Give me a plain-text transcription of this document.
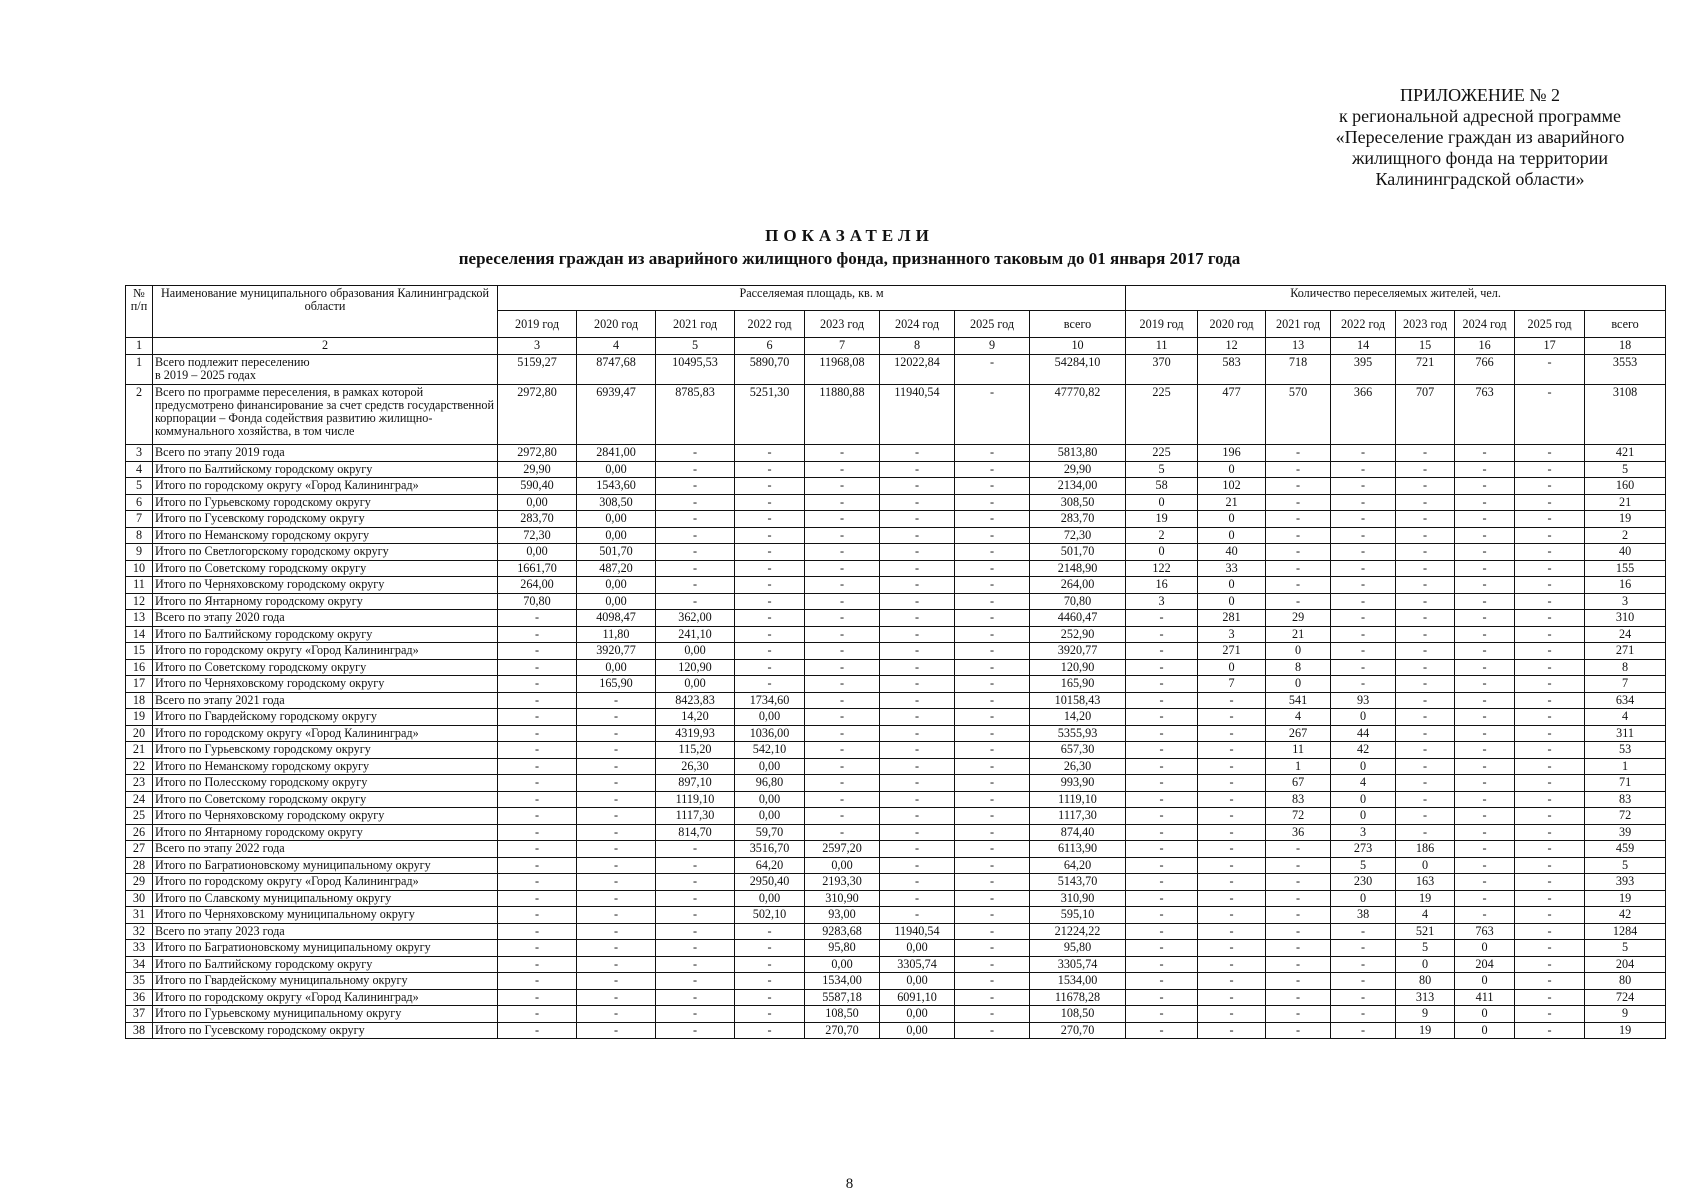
ПРИЛОЖЕНИЕ № 2
к региональной адресной программе
«Переселение граждан из аварийного
жилищного фонда на территории
Калининградской области»
ПОКАЗАТЕЛИ
переселения граждан из аварийного жилищного фонда, признанного таковым до 01 января 2017 года
№ п/п	Наименование муниципального образования Калининградской области	Расселяемая площадь, кв. м								Количество переселяемых жителей, чел.							
		2019 год	2020 год	2021 год	2022 год	2023 год	2024 год	2025 год	всего	2019 год	2020 год	2021 год	2022 год	2023 год	2024 год	2025 год	всего
1	2	3	4	5	6	7	8	9	10	11	12	13	14	15	16	17	18
1	Всего подлежит переселению
в 2019 – 2025 годах	5159,27	8747,68	10495,53	5890,70	11968,08	12022,84	-	54284,10	370	583	718	395	721	766	-	3553
2	Всего по программе переселения, в рамках которой предусмотрено финансирование за счет средств государственной корпорации – Фонда содействия развитию жилищно-коммунального хозяйства, в том числе	2972,80	6939,47	8785,83	5251,30	11880,88	11940,54	-	47770,82	225	477	570	366	707	763	-	3108
3	Всего по этапу 2019 года	2972,80	2841,00	-	-	-	-	-	5813,80	225	196	-	-	-	-	-	421
4	Итого по Балтийскому городскому округу	29,90	0,00	-	-	-	-	-	29,90	5	0	-	-	-	-	-	5
5	Итого по городскому округу «Город Калининград»	590,40	1543,60	-	-	-	-	-	2134,00	58	102	-	-	-	-	-	160
6	Итого по Гурьевскому городскому округу	0,00	308,50	-	-	-	-	-	308,50	0	21	-	-	-	-	-	21
7	Итого по Гусевскому городскому округу	283,70	0,00	-	-	-	-	-	283,70	19	0	-	-	-	-	-	19
8	Итого по Неманскому городскому округу	72,30	0,00	-	-	-	-	-	72,30	2	0	-	-	-	-	-	2
9	Итого по Светлогорскому городскому округу	0,00	501,70	-	-	-	-	-	501,70	0	40	-	-	-	-	-	40
10	Итого по Советскому городскому округу	1661,70	487,20	-	-	-	-	-	2148,90	122	33	-	-	-	-	-	155
11	Итого по Черняховскому городскому округу	264,00	0,00	-	-	-	-	-	264,00	16	0	-	-	-	-	-	16
12	Итого по Янтарному городскому округу	70,80	0,00	-	-	-	-	-	70,80	3	0	-	-	-	-	-	3
13	Всего по этапу 2020 года	-	4098,47	362,00	-	-	-	-	4460,47	-	281	29	-	-	-	-	310
14	Итого по Балтийскому городскому округу	-	11,80	241,10	-	-	-	-	252,90	-	3	21	-	-	-	-	24
15	Итого по городскому округу «Город Калининград»	-	3920,77	0,00	-	-	-	-	3920,77	-	271	0	-	-	-	-	271
16	Итого по Советскому городскому округу	-	0,00	120,90	-	-	-	-	120,90	-	0	8	-	-	-	-	8
17	Итого по Черняховскому городскому округу	-	165,90	0,00	-	-	-	-	165,90	-	7	0	-	-	-	-	7
18	Всего по этапу 2021 года	-	-	8423,83	1734,60	-	-	-	10158,43	-	-	541	93	-	-	-	634
19	Итого по Гвардейскому городскому округу	-	-	14,20	0,00	-	-	-	14,20	-	-	4	0	-	-	-	4
20	Итого по городскому округу «Город Калининград»	-	-	4319,93	1036,00	-	-	-	5355,93	-	-	267	44	-	-	-	311
21	Итого по Гурьевскому городскому округу	-	-	115,20	542,10	-	-	-	657,30	-	-	11	42	-	-	-	53
22	Итого по Неманскому городскому округу	-	-	26,30	0,00	-	-	-	26,30	-	-	1	0	-	-	-	1
23	Итого по Полесскому городскому округу	-	-	897,10	96,80	-	-	-	993,90	-	-	67	4	-	-	-	71
24	Итого по Советскому городскому округу	-	-	1119,10	0,00	-	-	-	1119,10	-	-	83	0	-	-	-	83
25	Итого по Черняховскому городскому округу	-	-	1117,30	0,00	-	-	-	1117,30	-	-	72	0	-	-	-	72
26	Итого по Янтарному городскому округу	-	-	814,70	59,70	-	-	-	874,40	-	-	36	3	-	-	-	39
27	Всего по этапу 2022 года	-	-	-	3516,70	2597,20	-	-	6113,90	-	-	-	273	186	-	-	459
28	Итого по Багратионовскому муниципальному округу	-	-	-	64,20	0,00	-	-	64,20	-	-	-	5	0	-	-	5
29	Итого по городскому округу «Город Калининград»	-	-	-	2950,40	2193,30	-	-	5143,70	-	-	-	230	163	-	-	393
30	Итого по Славскому муниципальному округу	-	-	-	0,00	310,90	-	-	310,90	-	-	-	0	19	-	-	19
31	Итого по Черняховскому муниципальному округу	-	-	-	502,10	93,00	-	-	595,10	-	-	-	38	4	-	-	42
32	Всего по этапу 2023 года	-	-	-	-	9283,68	11940,54	-	21224,22	-	-	-	-	521	763	-	1284
33	Итого по Багратионовскому муниципальному округу	-	-	-	-	95,80	0,00	-	95,80	-	-	-	-	5	0	-	5
34	Итого по Балтийскому городскому округу	-	-	-	-	0,00	3305,74	-	3305,74	-	-	-	-	0	204	-	204
35	Итого по Гвардейскому муниципальному округу	-	-	-	-	1534,00	0,00	-	1534,00	-	-	-	-	80	0	-	80
36	Итого по городскому округу «Город Калининград»	-	-	-	-	5587,18	6091,10	-	11678,28	-	-	-	-	313	411	-	724
37	Итого по Гурьевскому муниципальному округу	-	-	-	-	108,50	0,00	-	108,50	-	-	-	-	9	0	-	9
38	Итого по Гусевскому городскому округу	-	-	-	-	270,70	0,00	-	270,70	-	-	-	-	19	0	-	19
8
